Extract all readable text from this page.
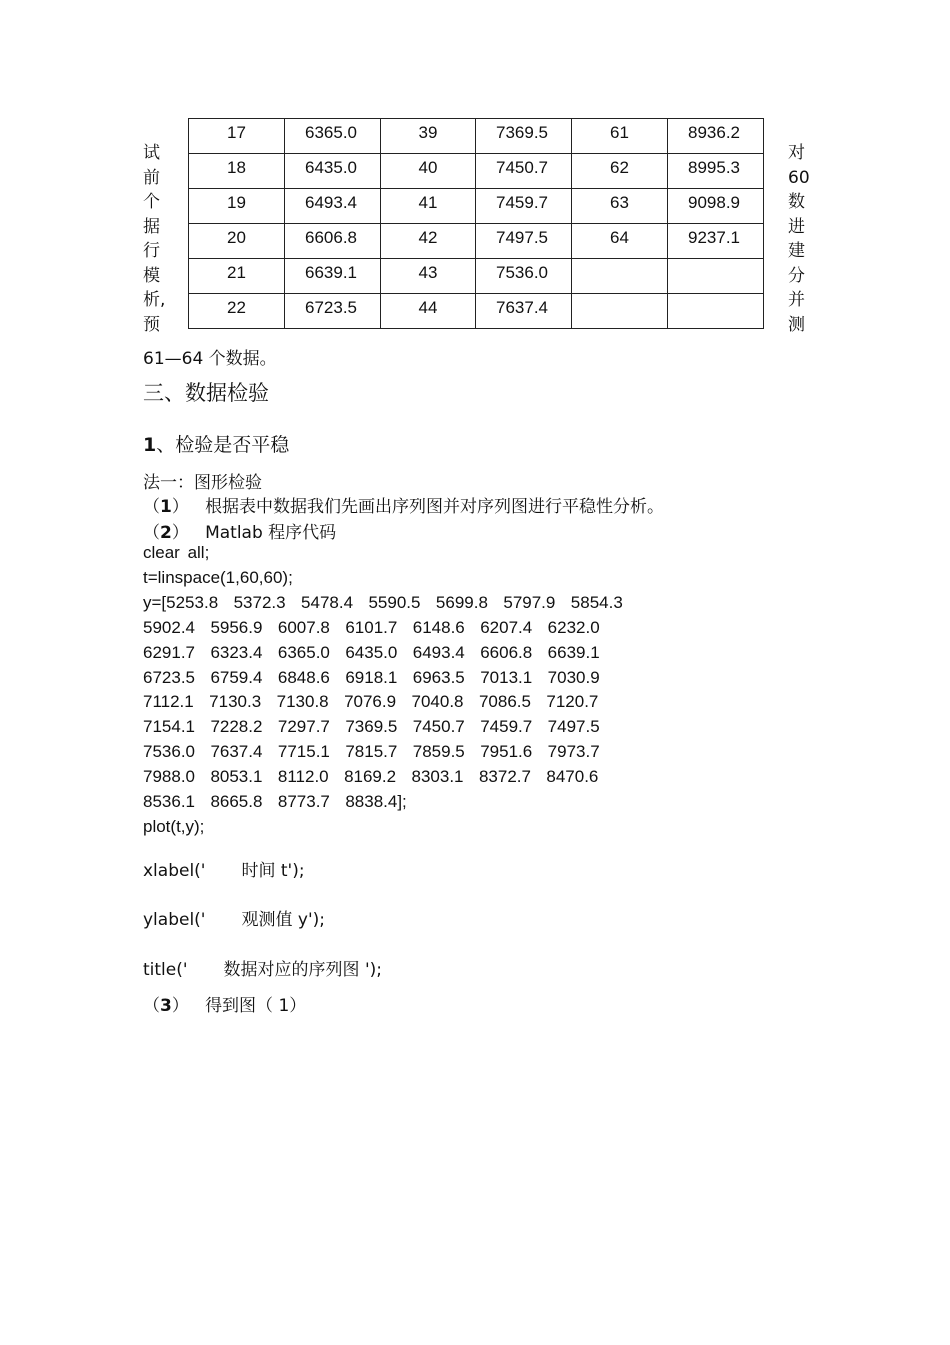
17	6365.0	39	7369.5	61	8936.2
18	6435.0	40	7450.7	62	8995.3
19	6493.4	41	7459.7	63	9098.9
20	6606.8	42	7497.5	64	9237.1
21	6639.1	43	7536.0		
22	6723.5	44	7637.4		
试
前
个
据
行
模
析,
预
对
60
数
进
建
分
并
测
61—64 个数据。
三、数据检验
1、检验是否平稳
法一：图形检验
（1）   根据表中数据我们先画出序列图并对序列图进行平稳性分析。
（2）   Matlab 程序代码
clear all;
t=linspace(1,60,60);
y=[5253.8  5372.3  5478.4  5590.5  5699.8  5797.9  5854.3
5902.4  5956.9  6007.8  6101.7  6148.6  6207.4  6232.0
6291.7  6323.4  6365.0  6435.0  6493.4  6606.8  6639.1
6723.5  6759.4  6848.6  6918.1  6963.5  7013.1  7030.9
7112.1  7130.3  7130.8  7076.9  7040.8  7086.5  7120.7
7154.1  7228.2  7297.7  7369.5  7450.7  7459.7  7497.5
7536.0  7637.4  7715.1  7815.7  7859.5  7951.6  7973.7
7988.0  8053.1  8112.0  8169.2  8303.1  8372.7  8470.6
8536.1  8665.8  8773.7  8838.4];
plot(t,y);
xlabel(' 时间 t');
ylabel(' 观测值 y');
title(' 数据对应的序列图 ');
（3）   得到图（ 1）
